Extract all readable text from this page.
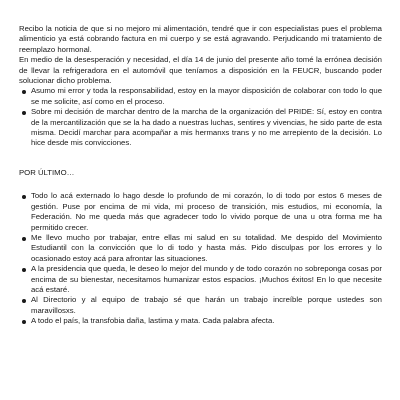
Recibo la noticia de que si no mejoro mi alimentación, tendré que ir con especialistas pues el problema alimenticio ya está cobrando factura en mi cuerpo y se está agravando. Perjudicando mi tratamiento de reemplazo hormonal.

En medio de la desesperación y necesidad, el día 14 de junio del presente año tomé la errónea decisión de llevar la refrigeradora en el automóvil que teníamos a disposición en la FEUCR, buscando poder solucionar dicho problema.

Asumo mi error y toda la responsabilidad, estoy en la mayor disposición de colaborar con todo lo que se me solicite, así como en el proceso.
Sobre mi decisión de marchar dentro de la marcha de la organización del PRIDE: Sí, estoy en contra de la mercantilización que se la ha dado a nuestras luchas, sentires y vivencias, he sido parte de esta misma. Decidí marchar para acompañar a mis hermanxs trans y no me arrepiento de la decisión. Lo hice desde mis convicciones.

POR ÚLTIMO…

Todo lo acá externado lo hago desde lo profundo de mi corazón, lo di todo por estos 6 meses de gestión. Puse por encima de mi vida, mi proceso de transición, mis estudios, mi economía, la Federación. No me queda más que agradecer todo lo vivido porque de una u otra forma me ha permitido crecer.
Me llevo mucho por trabajar, entre ellas mi salud en su totalidad. Me despido del Movimiento Estudiantil con la convicción que lo di todo y hasta más. Pido disculpas por los errores y lo ocasionado estoy acá para afrontar las situaciones.
A la presidencia que queda, le deseo lo mejor del mundo y de todo corazón no sobreponga cosas por encima de su bienestar, necesitamos humanizar estos espacios. ¡Muchos éxitos! En lo que necesite acá estaré.
Al Directorio y al equipo de trabajo sé que harán un trabajo increíble porque ustedes son maravillosxs.
A todo el país, la transfobia daña, lastima y mata. Cada palabra afecta.
